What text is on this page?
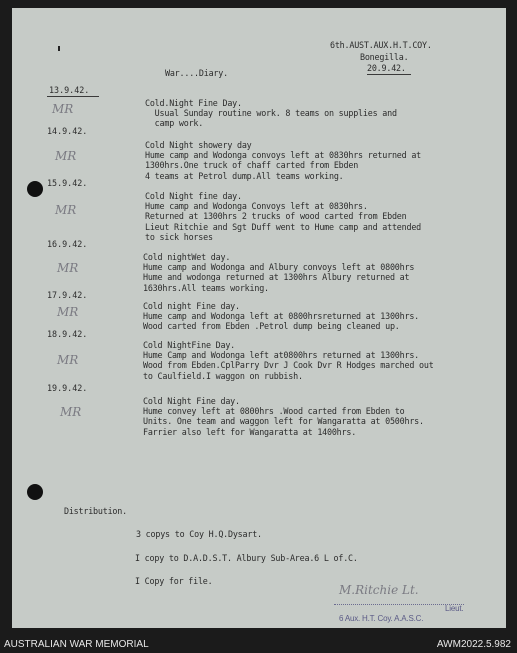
6th.AUST.AUX.H.T.COY.
Bonegilla.
20.9.42.
War....Diary.
13.9.42.
MR	Cold.Night Fine Day.
Usual Sunday routine work. 8 teams on supplies and
camp work.
14.9.42.
MR
Cold Night showery day
Hume camp and Wodonga convoys left at 0830hrs returned at
1300hrs.One truck of chaff carted from Ebden
4 teams at Petrol dump.All teams working.
15.9.42.
MR
Cold Night fine day.
Hume camp and Wodonga Convoys left at 0830hrs.
Returned at 1300hrs 2 trucks of wood carted from Ebden
Lieut Ritchie and Sgt Duff went to Hume camp and attended
to sick horses
16.9.42.
MR
Cold nightWet day.
Hume camp and Wodonga and Albury convoys left at 0800hrs
Hume and wodonga returned at 1300hrs Albury returned at
1630hrs.All teams working.
17.9.42.
MR	Cold night Fine day.
Hume camp and Wodonga left at 0800hrsreturned at 1300hrs.
Wood carted from Ebden .Petrol dump being cleaned up.
18.9.42.
MR
Cold NightFine Day.
Hume Camp and Wodonga left at0800hrs returned at 1300hrs.
Wood from Ebden.CplParry Dvr J Cook Dvr R Hodges marched out
to Caulfield.I waggon on rubbish.
19.9.42.
MR
Cold Night Fine day.
Hume convey left at 0800hrs .Wood carted from Ebden to
Units. One team and waggon left for Wangaratta at 0500hrs.
Farrier also left for Wangaratta at 1400hrs.
Distribution.
3 copys to Coy H.Q.Dysart.
I copy to D.A.D.S.T. Albury Sub-Area.6 L of.C.
I Copy for file.
M.Ritchie Lt.
Lieut.
6 Aux. H.T. Coy. A.A.S.C.
AUSTRALIAN WAR MEMORIAL	AWM2022.5.982
